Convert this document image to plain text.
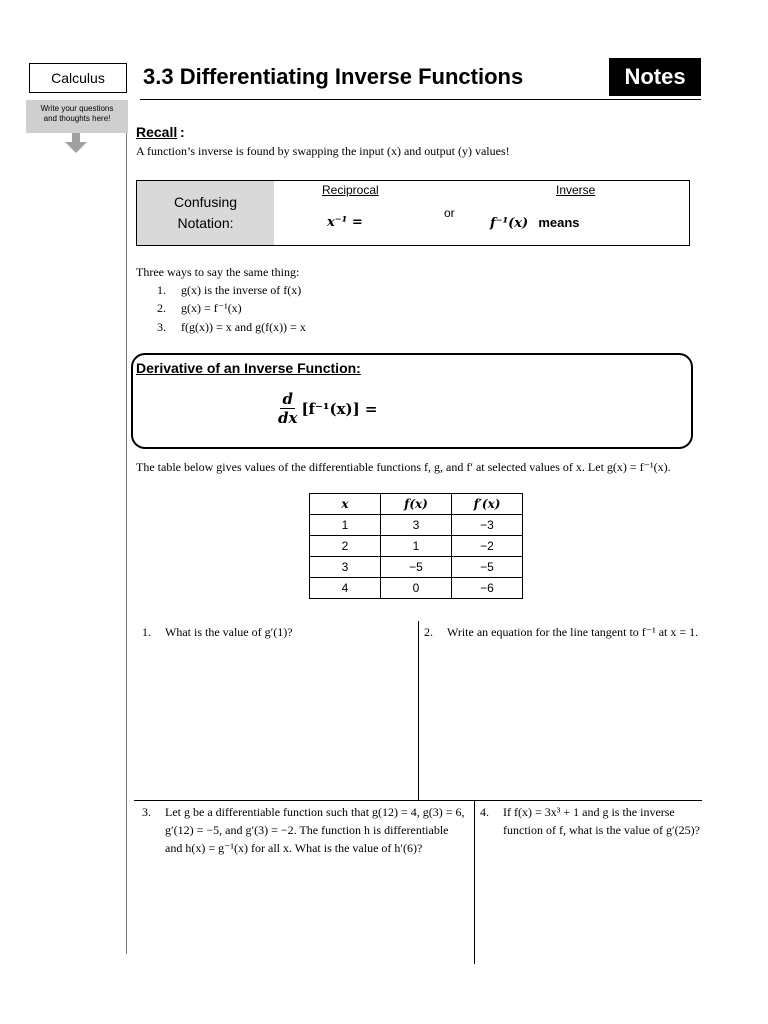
Calculus 3.3 Differentiating Inverse Functions	Notes
Write your questions
and thoughts here!
Recall :
A function’s inverse is found by swapping the input (x) and output (y) values!
Confusing
Notation:
Reciprocal	Inverse
or
x⁻¹ =	f⁻¹(x) means
Three ways to say the same thing:
1. g(x) is the inverse of f(x)
2. g(x) = f⁻¹(x)
3. f(g(x)) = x and g(f(x)) = x
Derivative of an Inverse Function:
$\frac{d}{dx} [f^{-1}(x)]$ =
The table below gives values of the differentiable functions f, g, and f′ at selected values of x. Let g(x) = f⁻¹(x).
x	f(x)	f′(x)
1	3	−3
2	1	−2
3	−5	−5
4	0	−6
1. What is the value of g′(1)?	2. Write an equation for the line tangent to f⁻¹ at x = 1.
3. Let g be a differentiable function such that g(12) = 4, g(3) = 6, g′(12) = −5, and g′(3) = −2. The function h is differentiable and h(x) = g⁻¹(x) for all x. What is the value of h′(6)?
4. If f(x) = 3x³ + 1 and g is the inverse function of f, what is the value of g′(25)?
